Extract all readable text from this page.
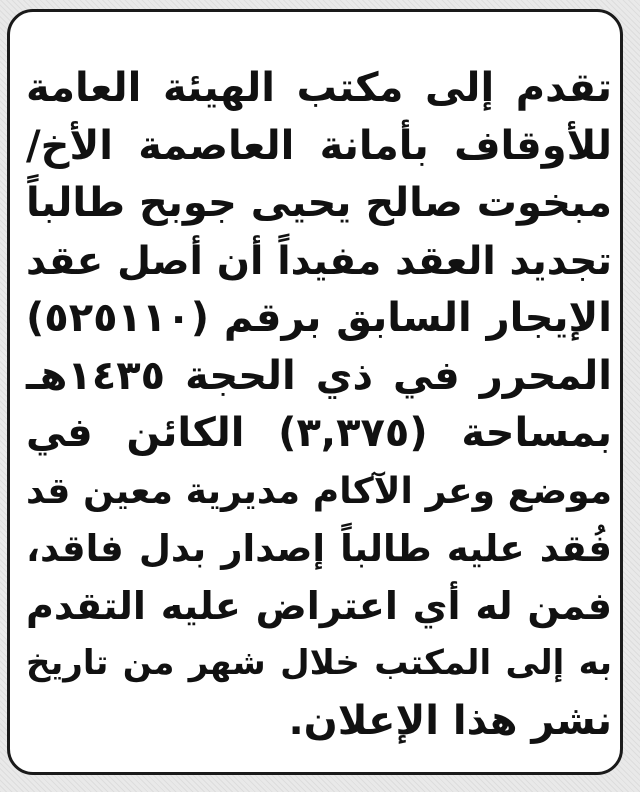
تقدم إلى مكتب الهيئة العامة
للأوقاف بأمانة العاصمة الأخ/
مبخوت صالح يحيى جوبح طالباً
تجديد العقد مفيداً أن أصل عقد
الإيجار السابق برقم (٥٢٥١١٠)
المحرر في ذي الحجة ١٤٣٥هـ
بمساحة (٣,٣٧٥) الكائن في
موضع وعر الآكام مديرية معين قد
فُقد عليه طالباً إصدار بدل فاقد،
فمن له أي اعتراض عليه التقدم
به إلى المكتب خلال شهر من تاريخ
نشر هذا الإعلان.
